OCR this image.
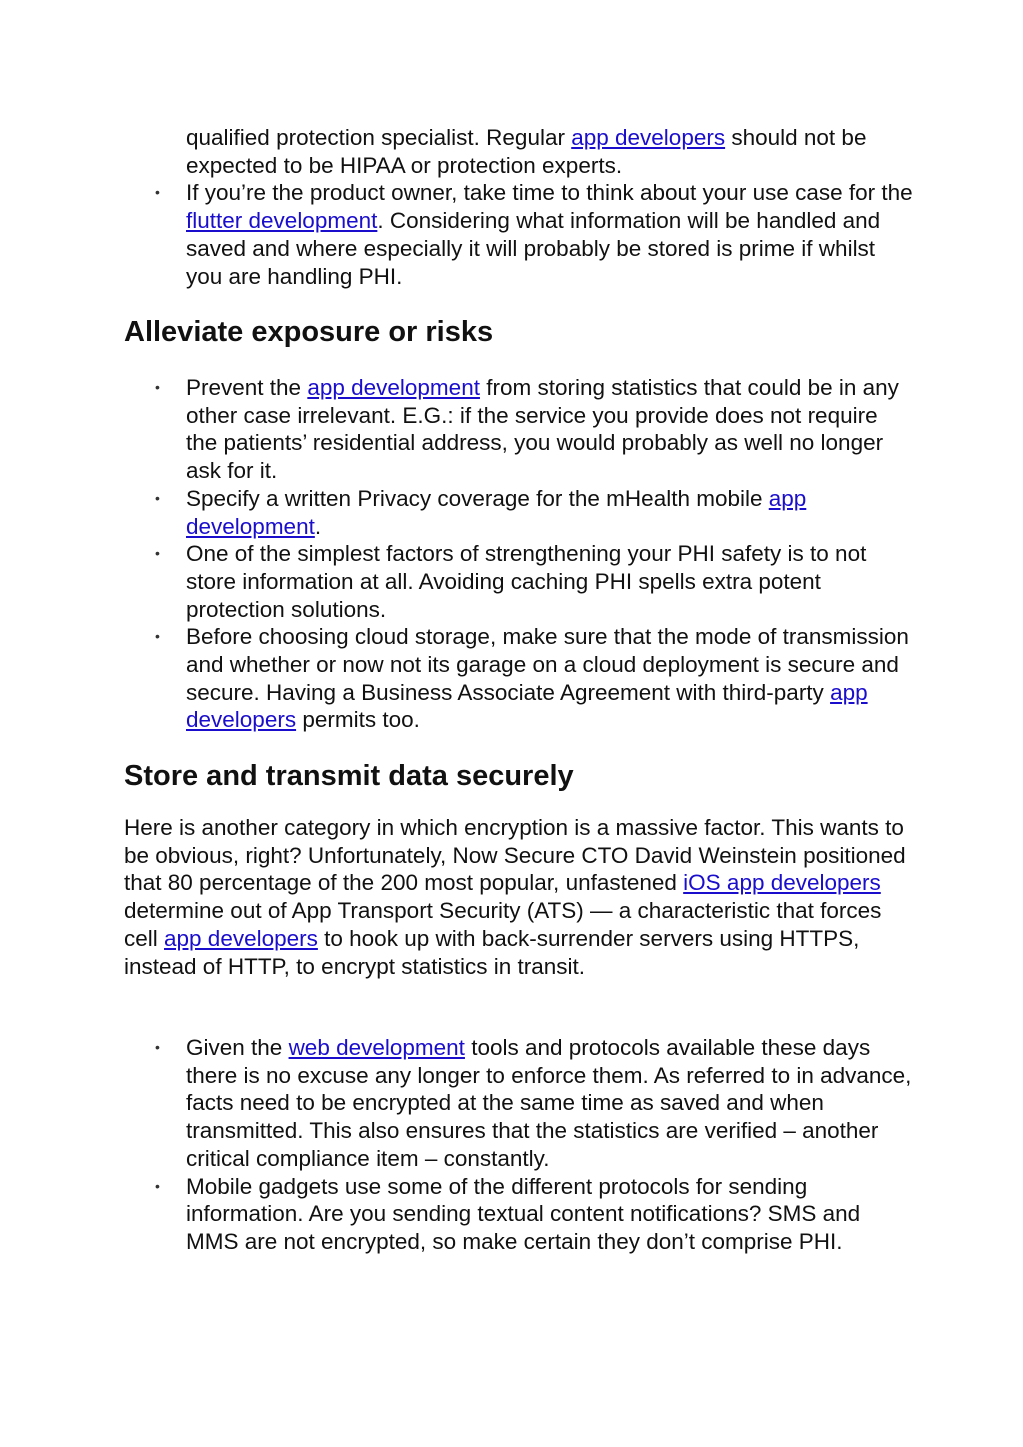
qualified protection specialist. Regular app developers should not be expected to be HIPAA or protection experts.
• If you’re the product owner, take time to think about your use case for the flutter development. Considering what information will be handled and saved and where especially it will probably be stored is prime if whilst you are handling PHI.
Alleviate exposure or risks
• Prevent the app development from storing statistics that could be in any other case irrelevant. E.G.: if the service you provide does not require the patients’ residential address, you would probably as well no longer ask for it.
• Specify a written Privacy coverage for the mHealth mobile app development.
• One of the simplest factors of strengthening your PHI safety is to not store information at all. Avoiding caching PHI spells extra potent protection solutions.
• Before choosing cloud storage, make sure that the mode of transmission and whether or now not its garage on a cloud deployment is secure and secure. Having a Business Associate Agreement with third-party app developers permits too.
Store and transmit data securely

Here is another category in which encryption is a massive factor. This wants to be obvious, right? Unfortunately, Now Secure CTO David Weinstein positioned that 80 percentage of the 200 most popular, unfastened iOS app developers determine out of App Transport Security (ATS) — a characteristic that forces cell app developers to hook up with back-surrender servers using HTTPS, instead of HTTP, to encrypt statistics in transit.

• Given the web development tools and protocols available these days there is no excuse any longer to enforce them. As referred to in advance, facts need to be encrypted at the same time as saved and when transmitted. This also ensures that the statistics are verified – another critical compliance item – constantly.
• Mobile gadgets use some of the different protocols for sending information. Are you sending textual content notifications? SMS and MMS are not encrypted, so make certain they don’t comprise PHI.
